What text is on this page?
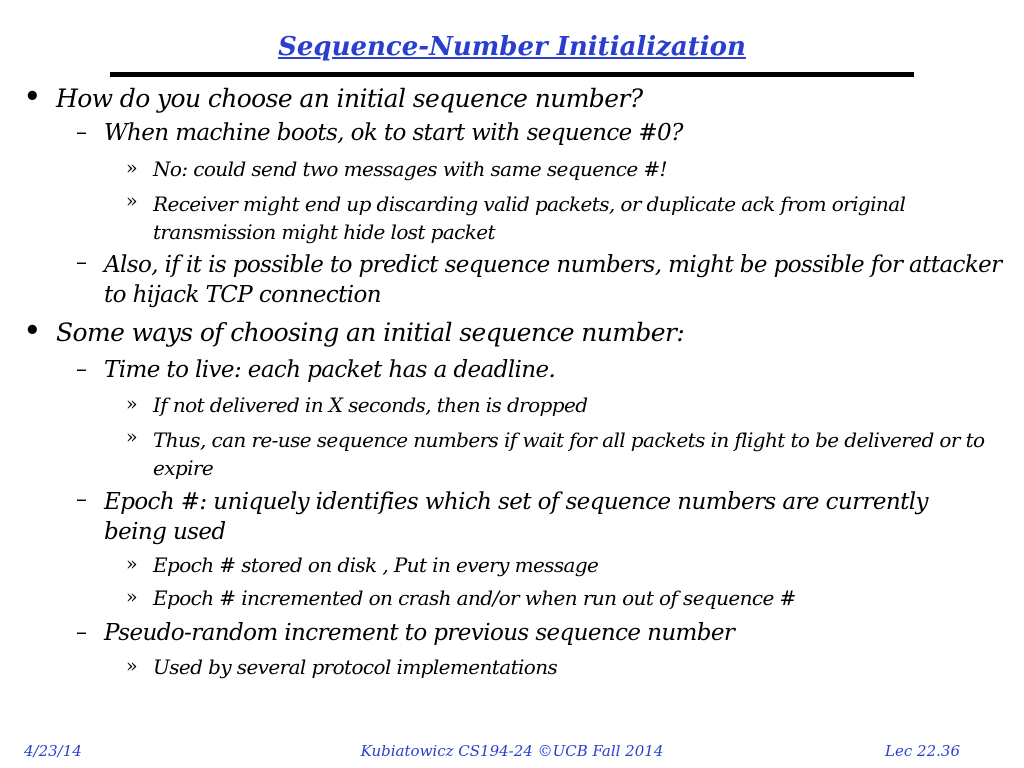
Sequence-Number Initialization
• How do you choose an initial sequence number?
– When machine boots, ok to start with sequence #0?
» No: could send two messages with same sequence #!
» Receiver might end up discarding valid packets, or duplicate ack from original transmission might hide lost packet
– Also, if it is possible to predict sequence numbers, might be possible for attacker to hijack TCP connection
• Some ways of choosing an initial sequence number:
– Time to live: each packet has a deadline.
» If not delivered in X seconds, then is dropped
» Thus, can re-use sequence numbers if wait for all packets in flight to be delivered or to expire
– Epoch #: uniquely identifies which set of sequence numbers are currently being used
» Epoch # stored on disk , Put in every message
» Epoch # incremented on crash and/or when run out of sequence #
– Pseudo-random increment to previous sequence number
» Used by several protocol implementations
4/23/14	Kubiatowicz CS194-24 ©UCB Fall 2014	Lec 22.36
